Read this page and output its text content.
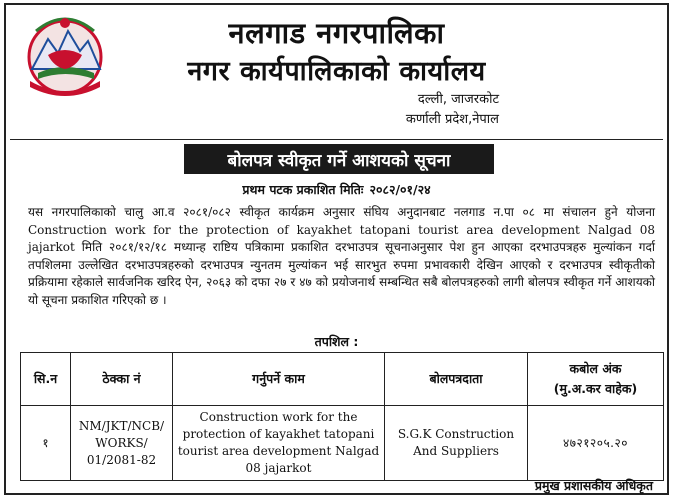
नलगाड नगरपालिका
नगर कार्यपालिकाको कार्यालय
दल्ली, जाजरकोट
कर्णाली प्रदेश,नेपाल
बोलपत्र स्वीकृत गर्ने आशयको सूचना
प्रथम पटक प्रकाशित मितिः २०८२/०१/२४
यस नगरपालिकाको चालु आ.व २०८१/०८२ स्वीकृत कार्यक्रम अनुसार संघिय अनुदानबाट नलगाड न.पा ०८ मा संचालन हुने योजना Construction work for the protection of kayakhet tatopani tourist area development Nalgad 08 jajarkot मिति २०८१/१२/१८ मध्यान्ह राष्टिय पत्रिकामा प्रकाशित दरभाउपत्र सूचनाअनुसार पेश हुन आएका दरभाउपत्रहरु मुल्यांकन गर्दा तपशिलमा उल्लेखित दरभाउपत्रहरुको दरभाउपत्र न्युनतम मुल्यांकन भई सारभुत रुपमा प्रभावकारी देखिन आएको र दरभाउपत्र स्वीकृतीको प्रक्रियामा रहेकाले सार्वजनिक खरिद ऐन, २०६३ को दफा २७ र ४७ को प्रयोजनार्थ सम्बन्धित सबै बोलपत्रहरुको लागी बोलपत्र स्वीकृत गर्ने आशयको यो सूचना प्रकाशित गरिएको छ ।
तपशिल :
सि.न	ठेक्का नं	गर्नुपर्ने काम	बोलपत्रदाता	कबोल अंक
(मु.अ.कर वाहेक)

१	NM/JKT/NCB/ WORKS/ 01/2081-82	Construction work for the protection of kayakhet tatopani tourist area development Nalgad 08 jajarkot	S.G.K Construction And Suppliers	४७२१२०५.२०
प्रमुख प्रशासकीय अधिकृत
